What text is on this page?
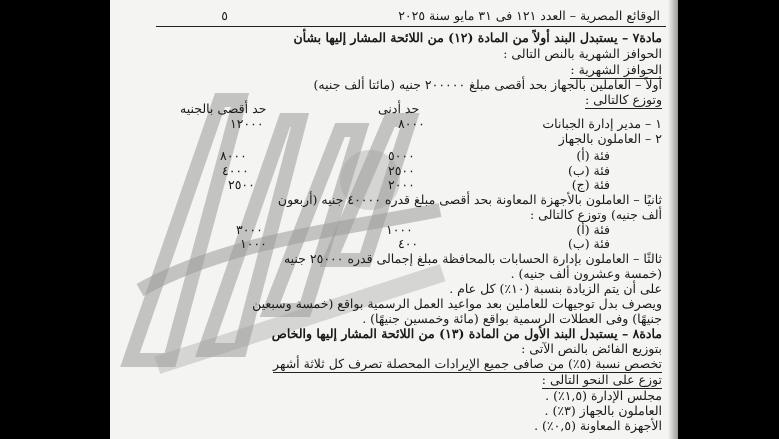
٥	الوقائع المصرية – العدد ١٢١ فى ٣١ مايو سنة ٢٠٢٥
مادة٧ – يستبدل البند أولاً من المادة (١٢) من اللائحة المشار إليها بشأن
الحوافز الشهرية بالنص التالى :
الحوافز الشهرية :
أولاً – العاملين بالجهاز بحد أقصى مبلغ ٢٠٠٠٠٠ جنيه (مائتا ألف جنيه)
وتوزع كالتالى :
حد أدنى
حد أقصى بالجنيه
١ – مدير إدارة الجبانات
٨٠٠٠
١٢٠٠٠
٢ – العاملون بالجهاز
فئة (أ)
٥٠٠٠
٨٠٠٠
فئة (ب)
٢٥٠٠
٤٠٠٠
فئة (ج)
٢٠٠٠
٢٥٠٠
ثانيًا – العاملون بالأجهزة المعاونة بحد أقصى مبلغ قدره ٤٠٠٠٠ جنيه (أربعون
ألف جنيه) وتوزع كالتالى :
فئة (أ)
١٠٠٠
٣٠٠٠
فئة (ب)
٤٠٠
١٠٠٠
ثالثًا – العاملون بإدارة الحسابات بالمحافظة مبلغ إجمالى قدره ٢٥٠٠٠ جنيه
(خمسة وعشرون ألف جنيه) .
على أن يتم الزيادة بنسبة (١٠٪) كل عام .
ويصرف بدل توجيهات للعاملين بعد مواعيد العمل الرسمية بواقع (خمسة وسبعين
جنيهًا) وفى العطلات الرسمية بواقع (مائة وخمسين جنيهًا) .
مادة٨ – يستبدل البند الأول من المادة (١٣) من اللائحة المشار إليها والخاص
بتوزيع الفائض بالنص الآتى :
تخصص نسبة (٥٪) من صافى جميع الإيرادات المحصلة تصرف كل ثلاثة أشهر
توزع على النحو التالى :
مجلس الإدارة (١,٥٪) .
العاملون بالجهاز (٣٪) .
الأجهزة المعاونة (٠,٥٪) .
